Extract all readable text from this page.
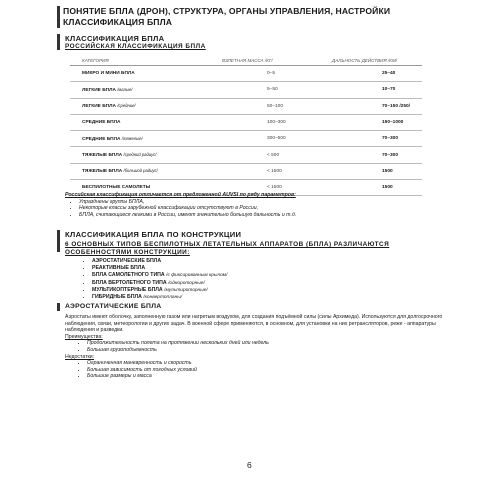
ПОНЯТИЕ БПЛА (ДРОН), СТРУКТУРА, ОРГАНЫ УПРАВЛЕНИЯ, НАСТРОЙКИ
КЛАССИФИКАЦИЯ БПЛА
КЛАССИФИКАЦИЯ БПЛА
РОССИЙСКАЯ КЛАССИФИКАЦИЯ БПЛА
КАТЕГОРИЯ	ВЗЛЕТНАЯ МАССА /КГ/	ДАЛЬНОСТЬ ДЕЙСТВИЯ /КМ/
МИКРО И МИНИ БПЛА	0–5	25–40
ЛЕГКИЕ БПЛА /малые/	5–50	10–70
ЛЕГКИЕ БПЛА /средние/	50–100	70–150 /250/
СРЕДНИЕ БПЛА	100–300	150–1000
СРЕДНИЕ БПЛА /тяжелые/	300–500	70–300
ТЯЖЕЛЫЕ БПЛА /средний радиус/	< 500	70–300
ТЯЖЕЛЫЕ БПЛА /большой радиус/	< 1500	1500
БЕСПИЛОТНЫЕ САМОЛЕТЫ	< 1500	1500
Российская классификация отличается от предложенной AUVSI по ряду параметров:
• Упразднены группы БПЛА,
• Некоторые классы зарубежной классификации отсутствуют в России,
• БПЛА, считающиеся легкими в России, имеют значительно большую дальность и т.д.
КЛАССИФИКАЦИЯ БПЛА ПО КОНСТРУКЦИИ
6 ОСНОВНЫХ ТИПОВ БЕСПИЛОТНЫХ ЛЕТАТЕЛЬНЫХ АППАРАТОВ (БПЛА) РАЗЛИЧАЮТСЯ
ОСОБЕННОСТЯМИ КОНСТРУКЦИИ:
• АЭРОСТАТИЧЕСКИЕ БПЛА
• РЕАКТИВНЫЕ БПЛА
• БПЛА САМОЛЕТНОГО ТИПА /с фиксированным крылом/
• БПЛА ВЕРТОЛЕТНОГО ТИПА /однороторные/
• МУЛЬТИКОПТЕРНЫЕ БПЛА /мультироторные/
• ГИБРИДНЫЕ БПЛА /конвертопланы/
АЭРОСТАТИЧЕСКИЕ БПЛА
Аэростаты имеют оболочку, заполненную газом или нагретым воздухом, для создания подъёмной силы (силы Архимеда). Используются для долгосрочного наблюдения, связи, метеорологии и других задач. В военной сфере применяются, в основном, для установки на них ретрансляторов, реже - аппаратуры наблюдения и разведки.
Преимущества:
• Продолжительность полета на протяжении нескольких дней или недель
• Большая грузоподъемность
Недостатки:
• Ограниченная маневренность и скорость
• Большая зависимость от погодных условий
• Большие размеры и масса
6
